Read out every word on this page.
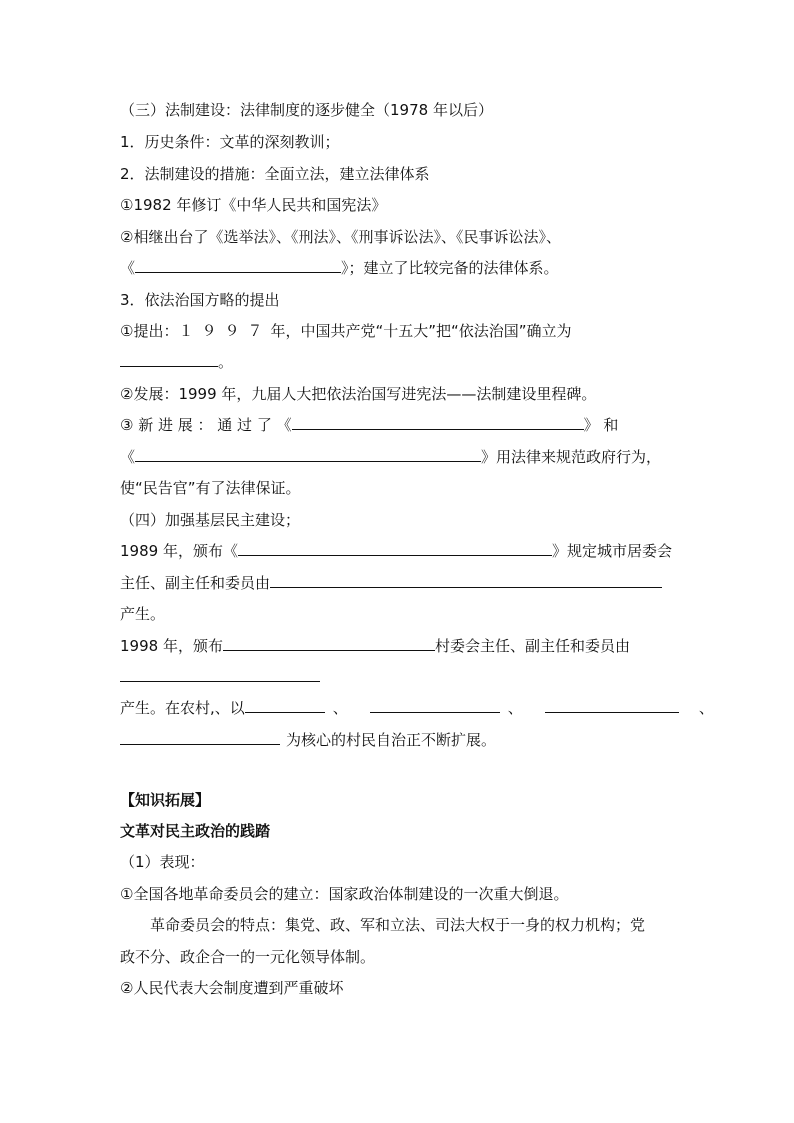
（三）法制建设：法律制度的逐步健全（1978 年以后）
1．历史条件：文革的深刻教训；
2．法制建设的措施：全面立法，建立法律体系
①1982 年修订《中华人民共和国宪法》
②相继出台了《选举法》、《刑法》、《刑事诉讼法》、《民事诉讼法》、
《	》；建立了比较完备的法律体系。
3．依法治国方略的提出
①提出：１９９７年，中国共产党“十五大”把“依法治国”确立为
。
②发展：1999 年，九届人大把依法治国写进宪法——法制建设里程碑。
③ 新 进 展 ： 通 过 了 《	》 和
《	》用法律来规范政府行为，
使“民告官”有了法律保证。
（四）加强基层民主建设；
1989 年，颁布《	》规定城市居委会
主任、副主任和委员由
产生。
1998 年，颁布	村委会主任、副主任和委员由
产生。在农村,、以	、	、	、
为核心的村民自治正不断扩展。
【知识拓展】
文革对民主政治的践踏
（1）表现：
①全国各地革命委员会的建立：国家政治体制建设的一次重大倒退。
革命委员会的特点：集党、政、军和立法、司法大权于一身的权力机构；党
政不分、政企合一的一元化领导体制。
②人民代表大会制度遭到严重破坏
